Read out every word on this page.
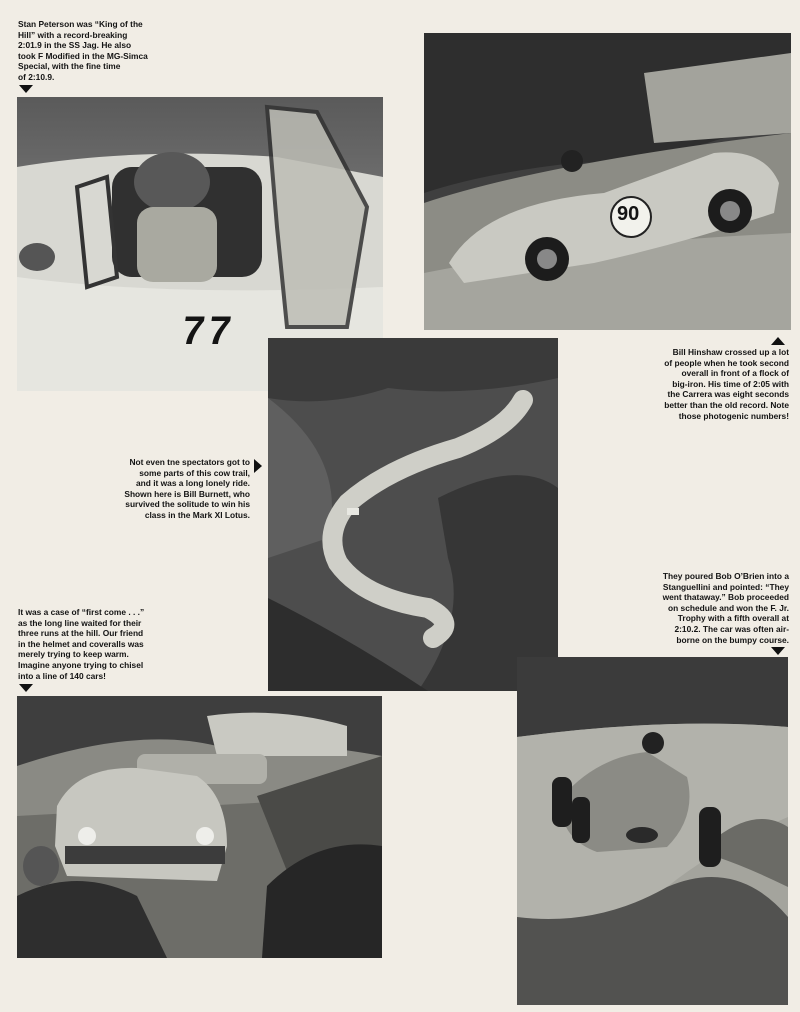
Stan Peterson was “King of the

Hill” with a record-breaking

2:01.9 in the SS Jag. He also

took F Modified in the MG-Simca

Special, with the fine time

of 2:10.9.

77
90

Bill Hinshaw crossed up a lot

of people when he took second

overall in front of a flock of

big-iron. His time of 2:05 with

the Carrera was eight seconds

better than the old record. Note

those photogenic numbers!

Not even tne spectators got to

some parts of this cow trail,

and it was a long lonely ride.

Shown here is Bill Burnett, who

survived the solitude to win his

class in the Mark XI Lotus.

They poured Bob O’Brien into a

Stanguellini and pointed: “They

went thataway.” Bob proceeded

on schedule and won the F. Jr.

Trophy with a fifth overall at

2:10.2. The car was often air-

borne on the bumpy course.

It was a case of “first come . . .”

as the long line waited for their

three runs at the hill. Our friend

in the helmet and coveralls was

merely trying to keep warm.

Imagine anyone trying to chisel

into a line of 140 cars!
